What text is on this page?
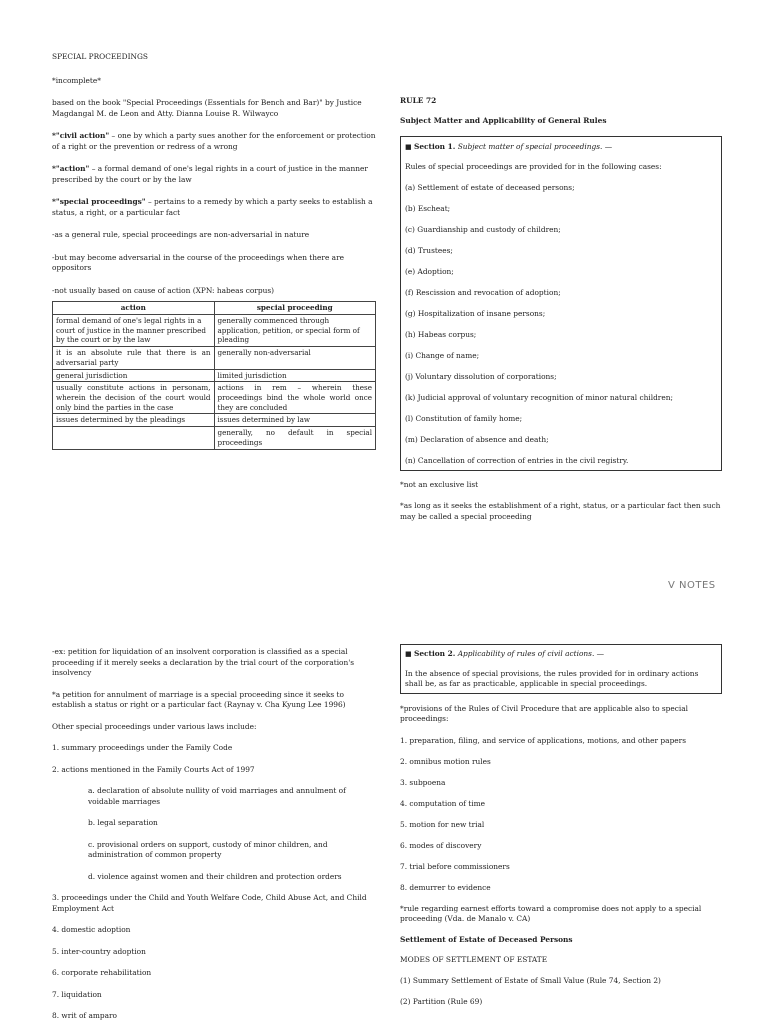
SPECIAL PROCEEDINGS

*incomplete*

based on the book "Special Proceedings (Essentials for Bench and Bar)" by Justice Magdangal M. de Leon and Atty. Dianna Louise R. Wilwayco

*"civil action" – one by which a party sues another for the enforcement or protection of a right or the prevention or redress of a wrong

*"action" – a formal demand of one's legal rights in a court of justice in the manner prescribed by the court or by the law

*"special proceedings" – pertains to a remedy by which a party seeks to establish a status, a right, or a particular fact

-as a general rule, special proceedings are non-adversarial in nature

-but may become adversarial in the course of the proceedings when there are oppositors

-not usually based on cause of action (XPN: habeas corpus)

action	special proceeding
formal demand of one's legal rights in a court of justice in the manner prescribed by the court or by the law	generally commenced through application, petition, or special form of pleading
it is an absolute rule that there is an adversarial party	generally non-adversarial
general jurisdiction	limited jurisdiction
usually constitute actions in personam, wherein the decision of the court would only bind the parties in the case	actions in rem – wherein these proceedings bind the whole world once they are concluded
issues determined by the pleadings	issues determined by law
	generally, no default in special proceedings

RULE 72

Subject Matter and Applicability of General Rules

■ Section 1. Subject matter of special proceedings. —

Rules of special proceedings are provided for in the following cases:

(a) Settlement of estate of deceased persons;

(b) Escheat;

(c) Guardianship and custody of children;

(d) Trustees;

(e) Adoption;

(f) Rescission and revocation of adoption;

(g) Hospitalization of insane persons;

(h) Habeas corpus;

(i) Change of name;

(j) Voluntary dissolution of corporations;

(k) Judicial approval of voluntary recognition of minor natural children;

(l) Constitution of family home;

(m) Declaration of absence and death;

(n) Cancellation of correction of entries in the civil registry.

*not an exclusive list

*as long as it seeks the establishment of a right, status, or a particular fact then such may be called a special proceeding

V NOTES

-ex: petition for liquidation of an insolvent corporation is classified as a special proceeding if it merely seeks a declaration by the trial court of the corporation's insolvency

*a petition for annulment of marriage is a special proceeding since it seeks to establish a status or right or a particular fact (Raynay v. Cha Kyung Lee 1996)

Other special proceedings under various laws include:

1. summary proceedings under the Family Code

2. actions mentioned in the Family Courts Act of 1997

a. declaration of absolute nullity of void marriages and annulment of voidable marriages

b. legal separation

c. provisional orders on support, custody of minor children, and administration of common property

d. violence against women and their children and protection orders

3. proceedings under the Child and Youth Welfare Code, Child Abuse Act, and Child Employment Act

4. domestic adoption

5. inter-country adoption

6. corporate rehabilitation

7. liquidation

8. writ of amparo

■ Section 2. Applicability of rules of civil actions. —

In the absence of special provisions, the rules provided for in ordinary actions shall be, as far as practicable, applicable in special proceedings.

*provisions of the Rules of Civil Procedure that are applicable also to special proceedings:

1. preparation, filing, and service of applications, motions, and other papers

2. omnibus motion rules

3. subpoena

4. computation of time

5. motion for new trial

6. modes of discovery

7. trial before commissioners

8. demurrer to evidence

*rule regarding earnest efforts toward a compromise does not apply to a special proceeding (Vda. de Manalo v. CA)

Settlement of Estate of Deceased Persons

MODES OF SETTLEMENT OF ESTATE

(1) Summary Settlement of Estate of Small Value (Rule 74, Section 2)

(2) Partition (Rule 69)
